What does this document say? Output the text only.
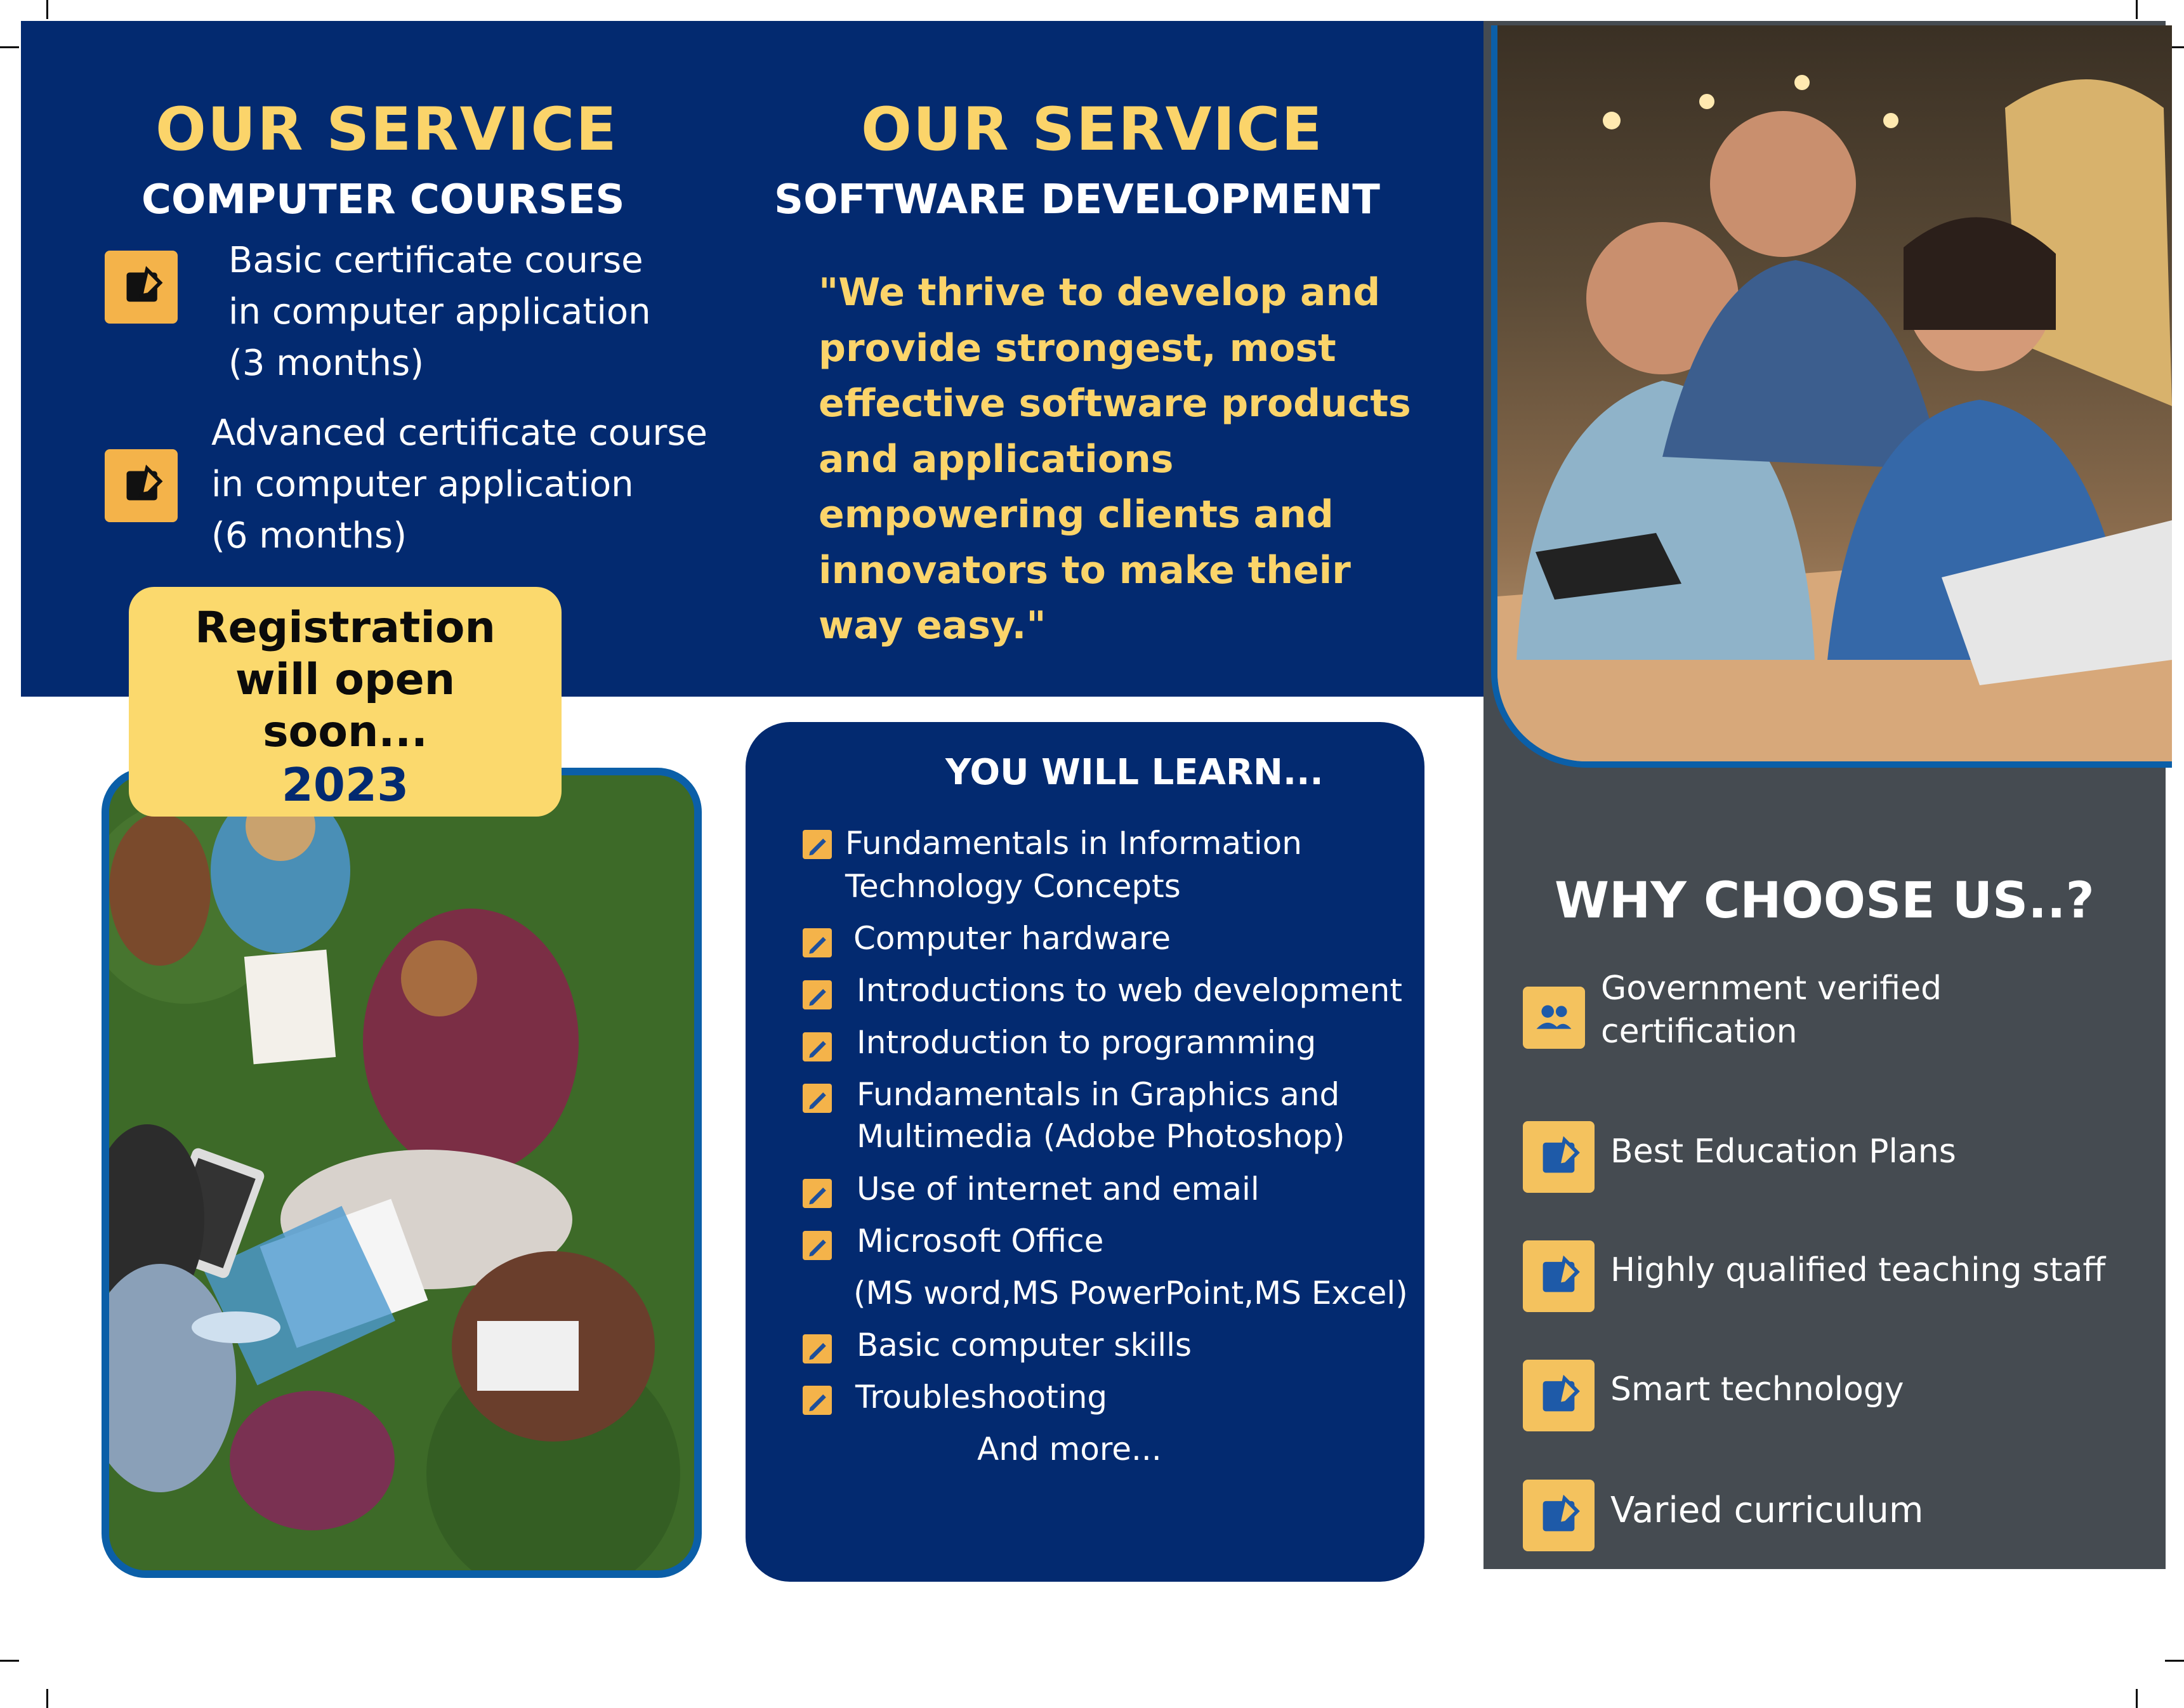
OUR SERVICE
COMPUTER COURSES
Basic certificate course
in computer application
(3 months)
Advanced certificate course
in computer application
(6 months)
OUR SERVICE
SOFTWARE DEVELOPMENT
"We thrive to develop and
provide strongest, most
effective software products
and applications
empowering clients and
innovators to make their
way easy."
Registration
will open
soon...
2023	YOU WILL LEARN...
Fundamentals in Information
Technology Concepts
Computer hardware
Introductions to web development
Introduction to programming
Fundamentals in Graphics and
Multimedia (Adobe Photoshop)
Use of internet and email
Microsoft Office
(MS word,MS PowerPoint,MS Excel)
Basic computer skills
Troubleshooting
And more...
WHY CHOOSE US..?
Government verified
certification
Best Education Plans
Highly qualified teaching staff
Smart technology
Varied curriculum
